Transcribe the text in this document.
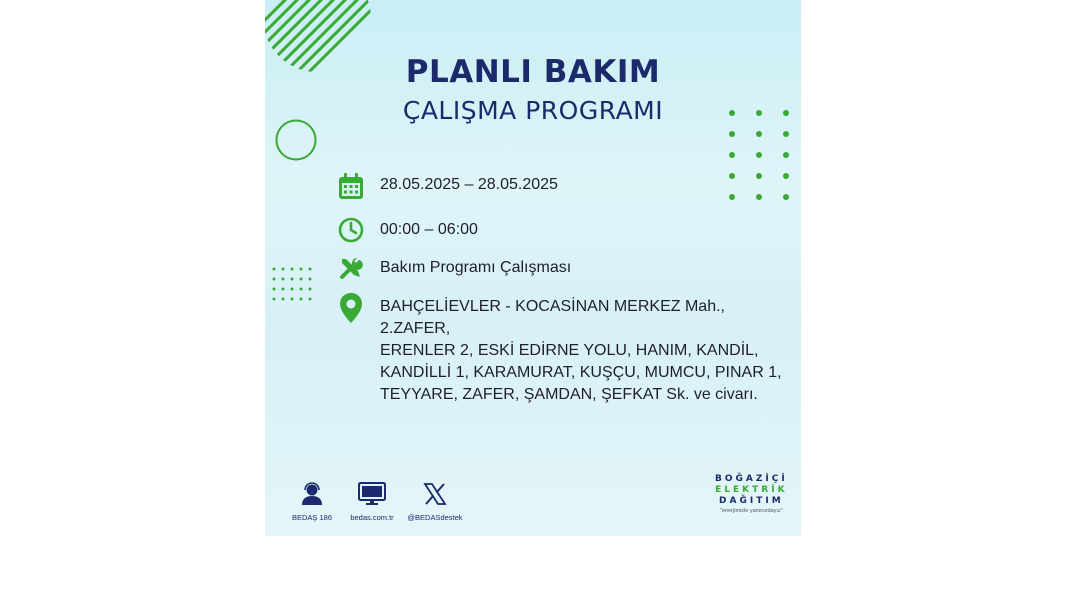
PLANLI BAKIM
ÇALIŞMA PROGRAMI
28.05.2025 – 28.05.2025
00:00 – 06:00
Bakım Programı Çalışması
BAHÇELİEVLER - KOCASİNAN MERKEZ Mah., 2.ZAFER,
ERENLER 2, ESKİ EDİRNE YOLU, HANIM, KANDİL,
KANDİLLİ 1, KARAMURAT, KUŞÇU, MUMCU, PINAR 1,
TEYYARE, ZAFER, ŞAMDAN, ŞEFKAT Sk. ve civarı.
BEDAŞ 186	bedas.com.tr	@BEDASdestek
BOĞAZİÇİ
ELEKTRİK
DAĞITIM
"enerjimizle yanınızdayız"
